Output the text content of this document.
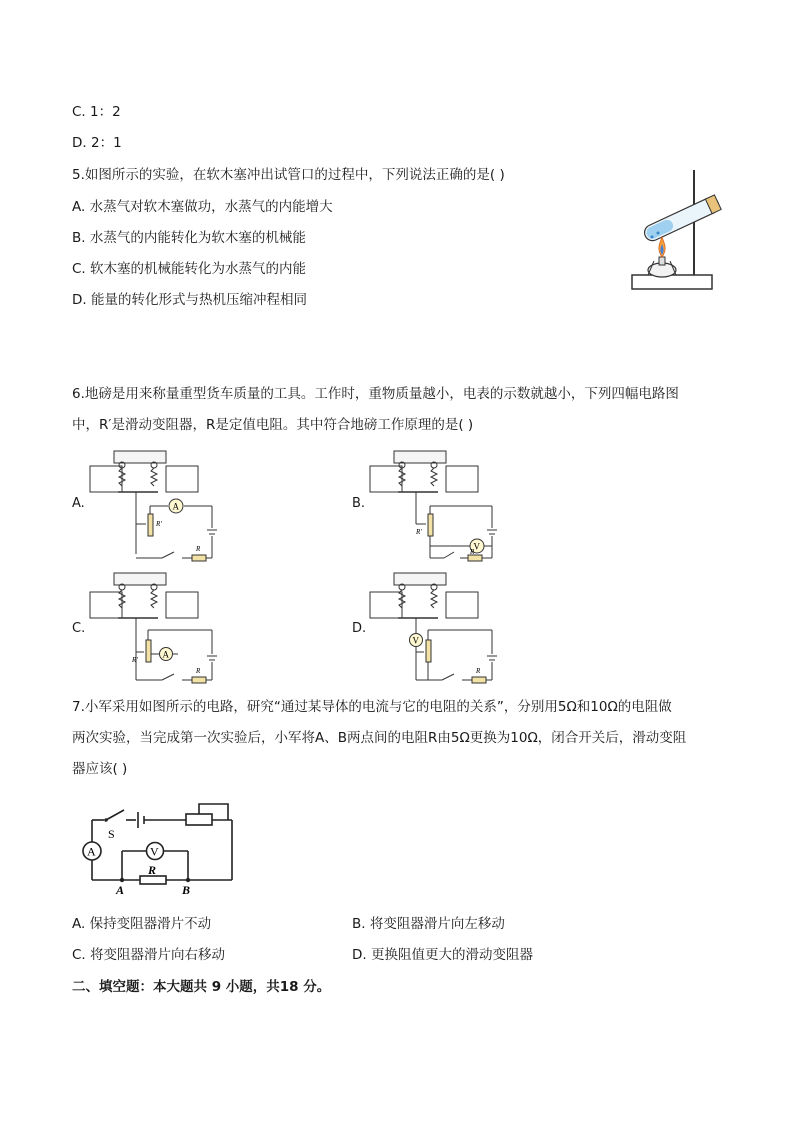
C. 1：2
D. 2：1
5.如图所示的实验，在软木塞冲出试管口的过程中，下列说法正确的是( )
A. 水蒸气对软木塞做功，水蒸气的内能增大
B. 水蒸气的内能转化为软木塞的机械能
C. 软木塞的机械能转化为水蒸气的内能
D. 能量的转化形式与热机压缩冲程相同
6.地磅是用来称量重型货车质量的工具。工作时，重物质量越小，电表的示数就越小，下列四幅电路图
中，R′是滑动变阻器，R是定值电阻。其中符合地磅工作原理的是( )
A.	B.
C.	D.
A
R′
R	V
R′
R
A
R′
R
V
R
7.小军采用如图所示的电路，研究“通过某导体的电流与它的电阻的关系”，分别用5Ω和10Ω的电阻做
两次实验，当完成第一次实验后，小军将A、B两点间的电阻R由5Ω更换为10Ω，闭合开关后，滑动变阻
器应该( )
A	V
S
R
A	B
A. 保持变阻器滑片不动	B. 将变阻器滑片向左移动
C. 将变阻器滑片向右移动	D. 更换阻值更大的滑动变阻器
二、填空题：本大题共 9 小题，共18 分。
